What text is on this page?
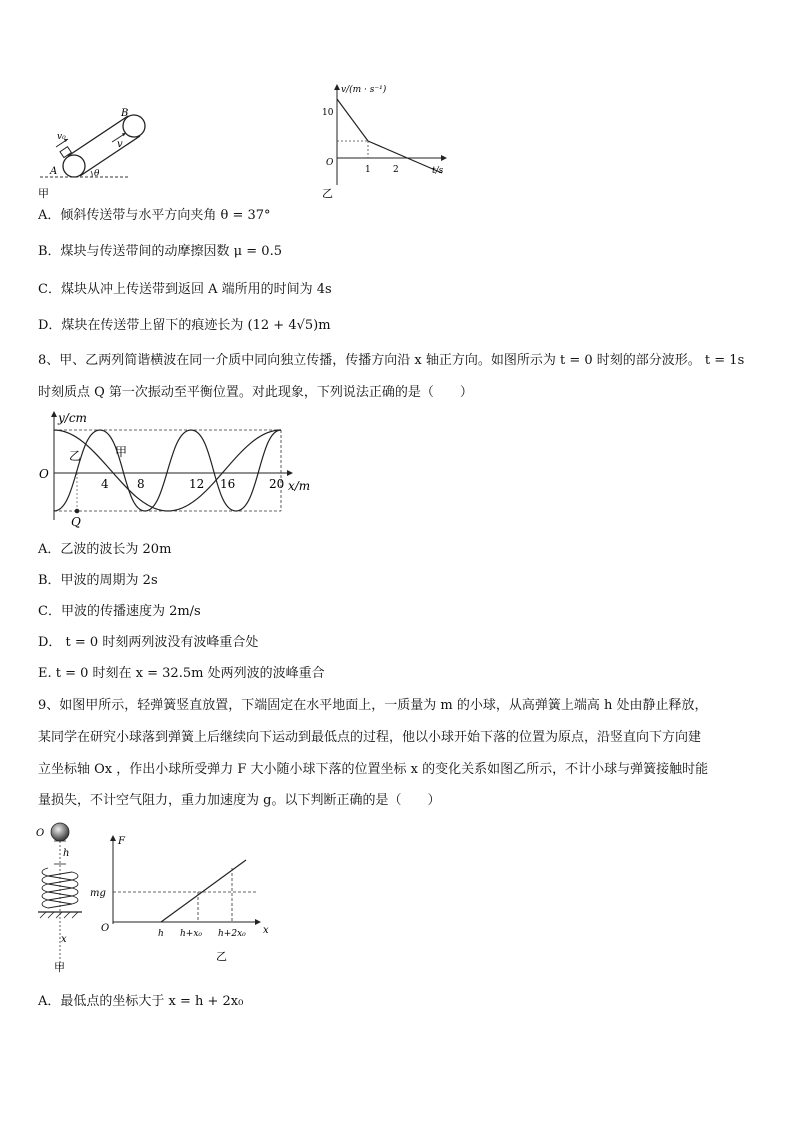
A
B
v₀
v
θ
甲
v/(m · s⁻¹)
10
O
1 2	t/s
乙
A．倾斜传送带与水平方向夹角 θ = 37°
B．煤块与传送带间的动摩擦因数 μ = 0.5
C．煤块从冲上传送带到返回 A 端所用的时间为 4s
D．煤块在传送带上留下的痕迹长为 (12 + 4√5)m
8、甲、乙两列简谐横波在同一介质中同向独立传播，传播方向沿 x 轴正方向。如图所示为 t = 0 时刻的部分波形。 t = 1s
时刻质点 Q 第一次振动至平衡位置。对此现象，下列说法正确的是（　　）
y/cm
O
乙	甲
4 8	12 16	20 x/m
Q
A．乙波的波长为 20m
B．甲波的周期为 2s
C．甲波的传播速度为 2m/s
D． t = 0 时刻两列波没有波峰重合处
E. t = 0 时刻在 x = 32.5m 处两列波的波峰重合
9、如图甲所示，轻弹簧竖直放置，下端固定在水平地面上，一质量为 m 的小球，从高弹簧上端高 h 处由静止释放，
某同学在研究小球落到弹簧上后继续向下运动到最低点的过程，他以小球开始下落的位置为原点，沿竖直向下方向建
立坐标轴 Ox ，作出小球所受弹力 F 大小随小球下落的位置坐标 x 的变化关系如图乙所示，不计小球与弹簧接触时能
量损失，不计空气阻力，重力加速度为 g。以下判断正确的是（　　）
O
h
x
甲
F
mg
O	h h+x₀ h+2x₀ x
乙
A．最低点的坐标大于 x = h + 2x₀
